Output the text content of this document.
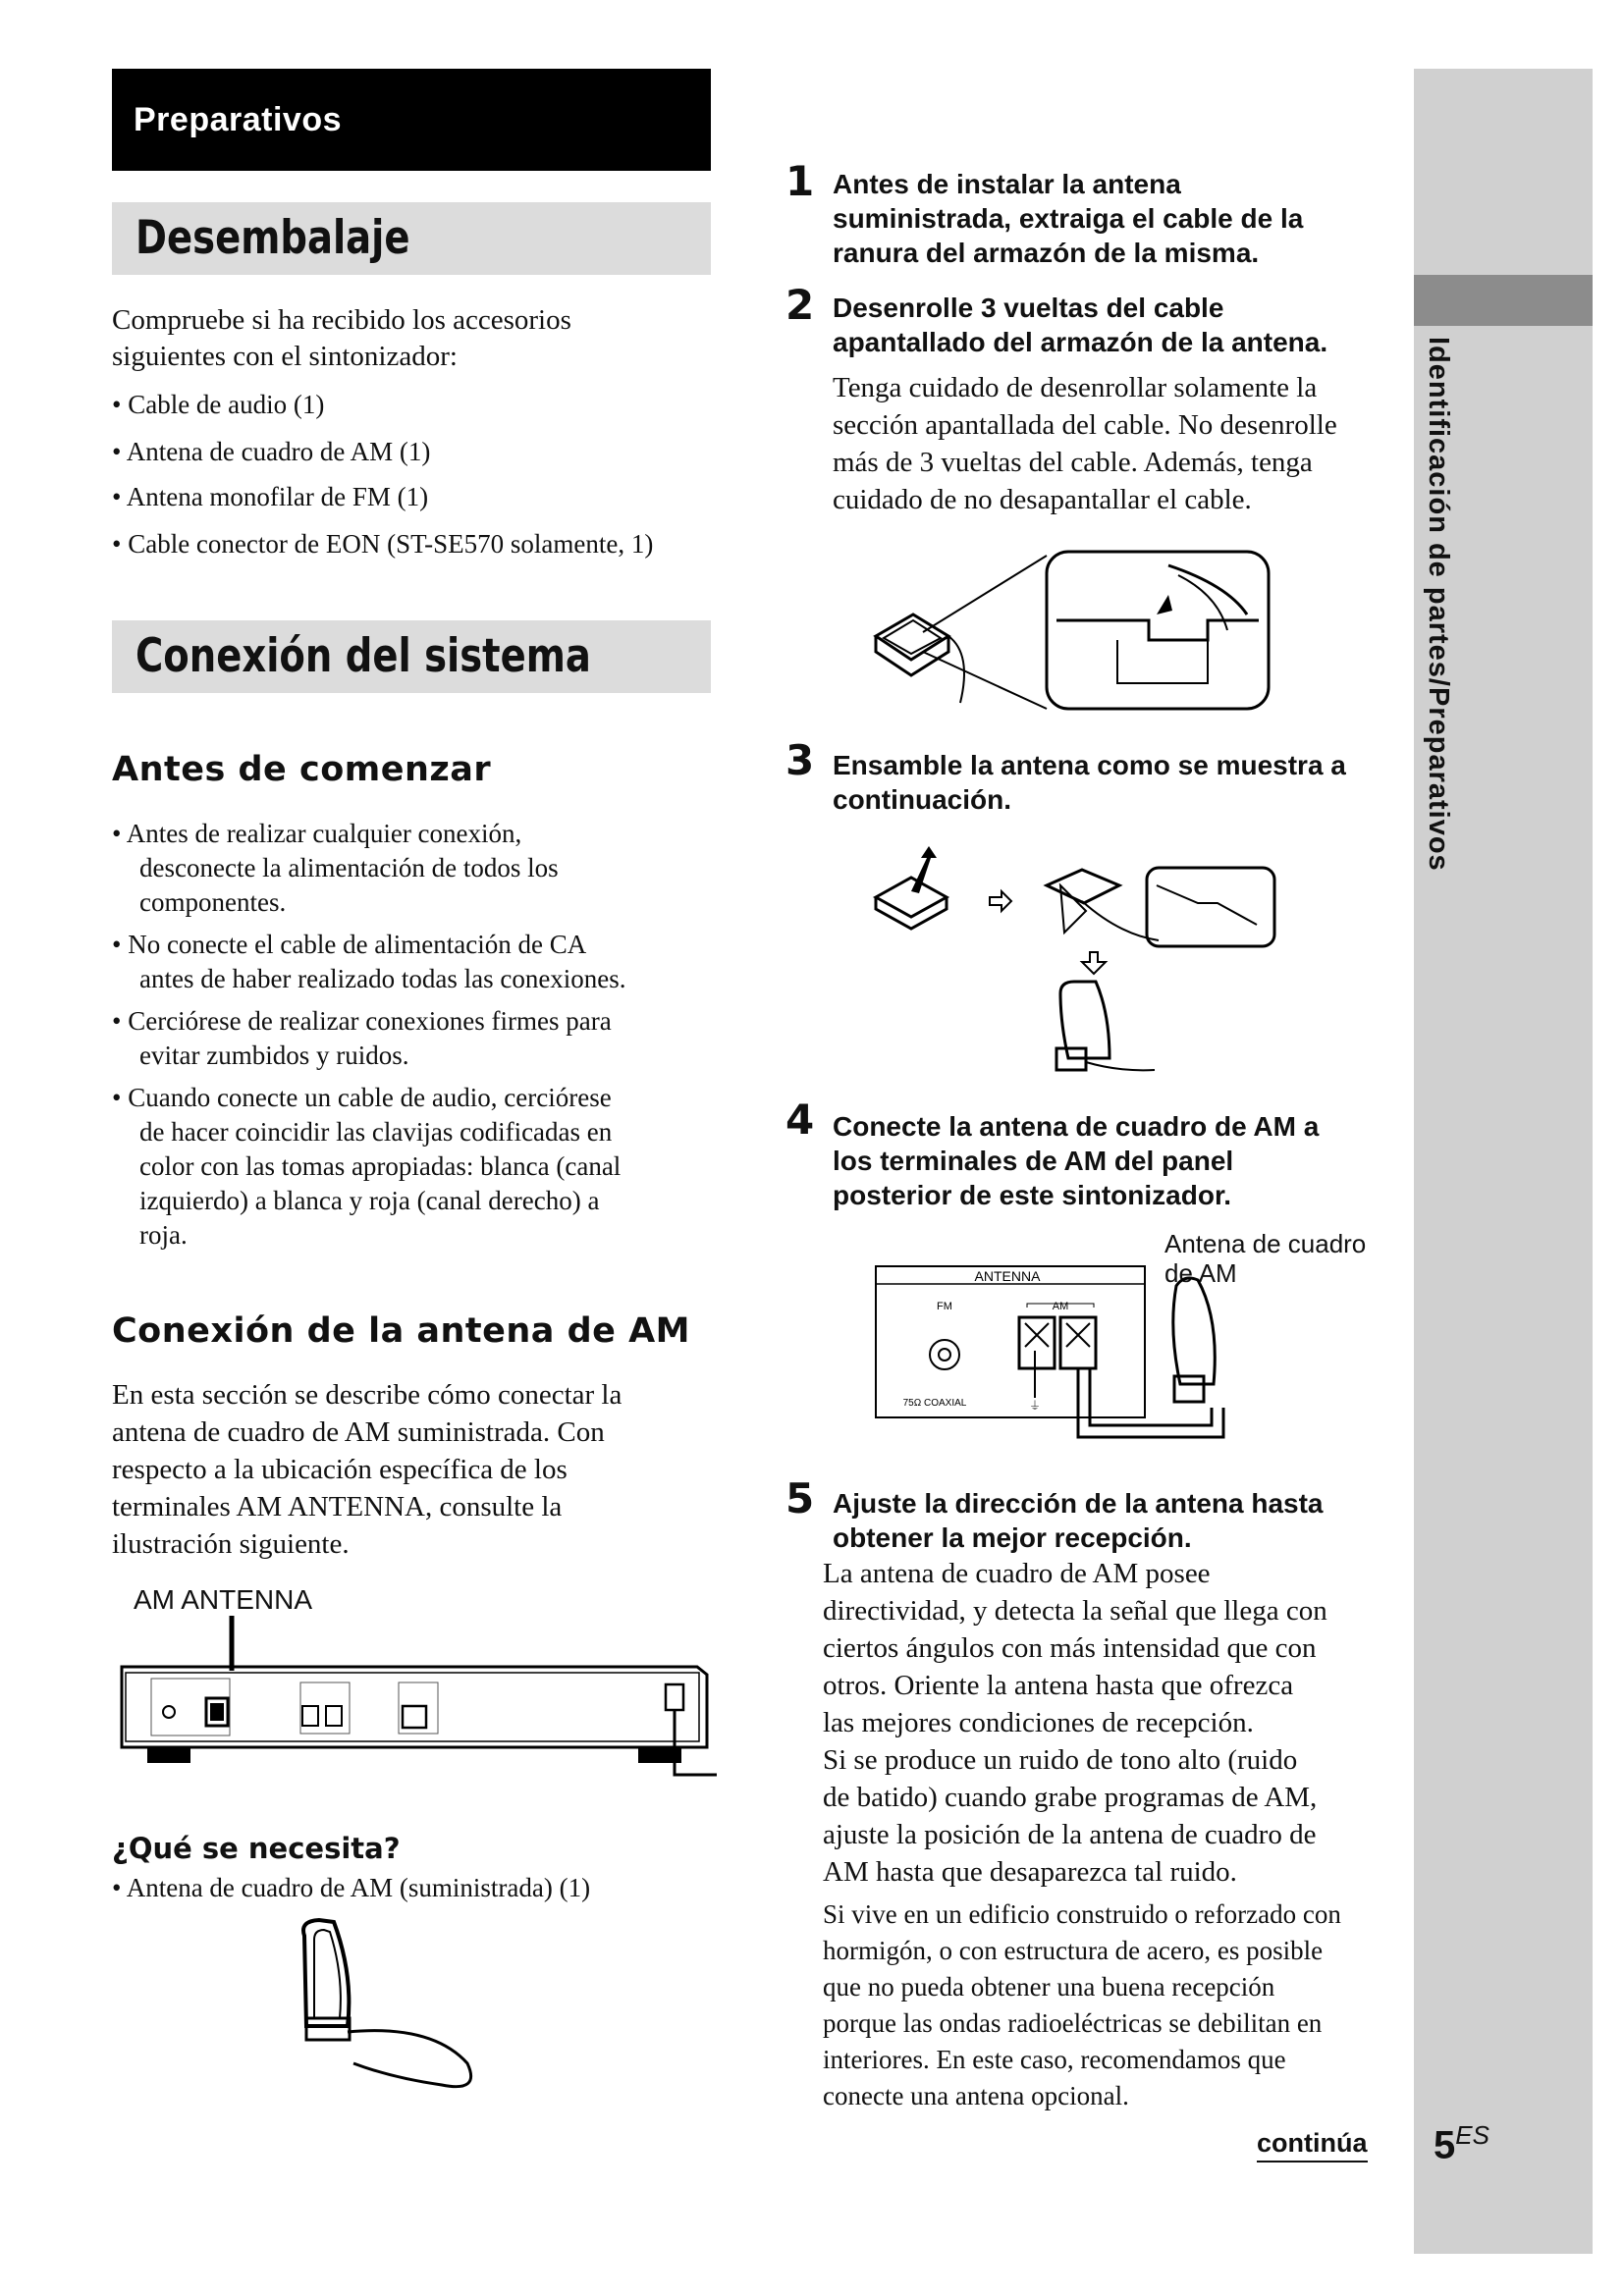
Preparativos
Desembalaje
Compruebe si ha recibido los accesorios
siguientes con el sintonizador:
• Cable de audio (1)
• Antena de cuadro de AM (1)
• Antena monofilar de FM (1)
• Cable conector de EON (ST-SE570 solamente, 1)
Conexión del sistema
Antes de comenzar
• Antes de realizar cualquier conexión,
desconecte la alimentación de todos los
componentes.
• No conecte el cable de alimentación de CA
antes de haber realizado todas las conexiones.
• Cerciórese de realizar conexiones firmes para
evitar zumbidos y ruidos.
• Cuando conecte un cable de audio, cerciórese
de hacer coincidir las clavijas codificadas en
color con las tomas apropiadas: blanca (canal
izquierdo) a blanca y roja (canal derecho) a
roja.
Conexión de la antena de AM
En esta sección se describe cómo conectar la
antena de cuadro de AM suministrada. Con
respecto a la ubicación específica de los
terminales AM ANTENNA, consulte la
ilustración siguiente.
AM ANTENNA
¿Qué se necesita?
• Antena de cuadro de AM (suministrada) (1)
1 Antes de instalar la antena
suministrada, extraiga el cable de la
ranura del armazón de la misma.
2 Desenrolle 3 vueltas del cable
apantallado del armazón de la antena.
Tenga cuidado de desenrollar solamente la
sección apantallada del cable. No desenrolle
más de 3 vueltas del cable. Además, tenga
cuidado de no desapantallar el cable.
3 Ensamble la antena como se muestra a
continuación.
4 Conecte la antena de cuadro de AM a
los terminales de AM del panel
posterior de este sintonizador.
Antena de cuadro
de AM
ANTENNA
FM
75Ω COAXIAL
AM
⏚
5 Ajuste la dirección de la antena hasta
obtener la mejor recepción.
La antena de cuadro de AM posee
directividad, y detecta la señal que llega con
ciertos ángulos con más intensidad que con
otros. Oriente la antena hasta que ofrezca
las mejores condiciones de recepción.
Si se produce un ruido de tono alto (ruido
de batido) cuando grabe programas de AM,
ajuste la posición de la antena de cuadro de
AM hasta que desaparezca tal ruido.
Si vive en un edificio construido o reforzado con
hormigón, o con estructura de acero, es posible
que no pueda obtener una buena recepción
porque las ondas radioeléctricas se debilitan en
interiores. En este caso, recomendamos que
conecte una antena opcional.
continúa
Identificación de partes/Preparativos
$5^{ES}$
